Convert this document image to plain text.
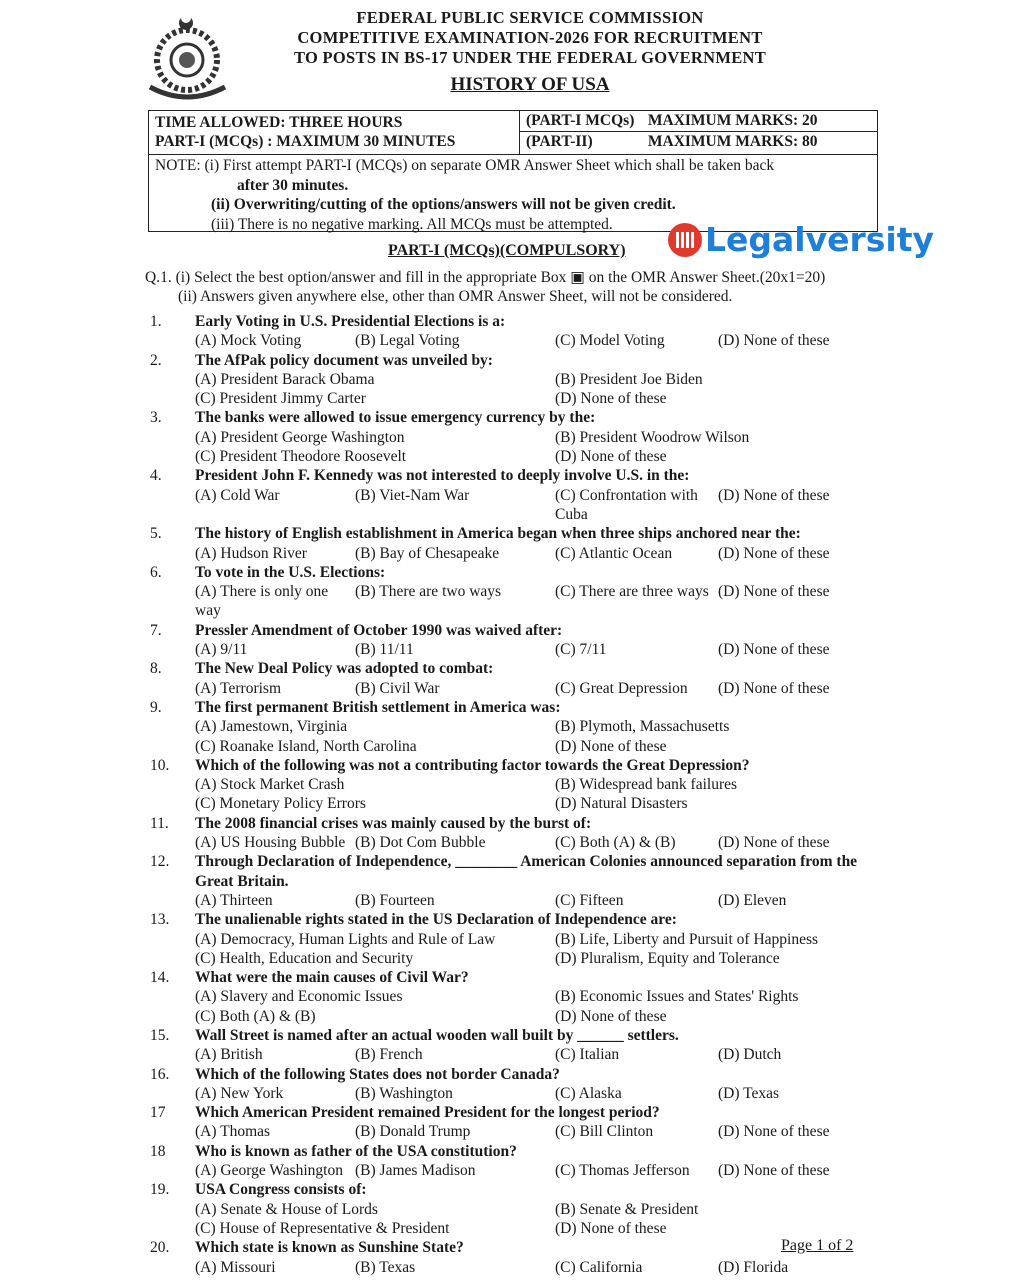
FEDERAL PUBLIC SERVICE COMMISSION
COMPETITIVE EXAMINATION-2026 FOR RECRUITMENT
TO POSTS IN BS-17 UNDER THE FEDERAL GOVERNMENT
HISTORY OF USA
TIME ALLOWED: THREE HOURS
PART-I (MCQs) : MAXIMUM 30 MINUTES
(PART-I MCQs) MAXIMUM MARKS: 20
(PART-II)	MAXIMUM MARKS: 80
NOTE: (i) First attempt PART-I (MCQs) on separate OMR Answer Sheet which shall be taken back
after 30 minutes.
(ii) Overwriting/cutting of the options/answers will not be given credit.
(iii) There is no negative marking. All MCQs must be attempted.	Legalversity
PART-I (MCQs)(COMPULSORY)
Q.1. (i) Select the best option/answer and fill in the appropriate Box ▣ on the OMR Answer Sheet.(20x1=20)
(ii) Answers given anywhere else, other than OMR Answer Sheet, will not be considered.
1.	Early Voting in U.S. Presidential Elections is a:
(A) Mock Voting	(B) Legal Voting	(C) Model Voting	(D) None of these
2.	The AfPak policy document was unveiled by:
(A) President Barack Obama	(B) President Joe Biden
(C) President Jimmy Carter	(D) None of these
3.	The banks were allowed to issue emergency currency by the:
(A) President George Washington	(B) President Woodrow Wilson
(C) President Theodore Roosevelt	(D) None of these
4.	President John F. Kennedy was not interested to deeply involve U.S. in the:
(A) Cold War	(B) Viet-Nam War	(C) Confrontation with Cuba
(D) None of these
5.	The history of English establishment in America began when three ships anchored near the:
(A) Hudson River	(B) Bay of Chesapeake	(C) Atlantic Ocean	(D) None of these
6.	To vote in the U.S. Elections:
(A) There is only one way
(B) There are two ways	(C) There are three ways (D) None of these
7.	Pressler Amendment of October 1990 was waived after:
(A) 9/11	(B) 11/11	(C) 7/11	(D) None of these
8.	The New Deal Policy was adopted to combat:
(A) Terrorism	(B) Civil War	(C) Great Depression	(D) None of these
9.	The first permanent British settlement in America was:
(A) Jamestown, Virginia	(B) Plymoth, Massachusetts
(C) Roanake Island, North Carolina	(D) None of these
10.	Which of the following was not a contributing factor towards the Great Depression?
(A) Stock Market Crash	(B) Widespread bank failures
(C) Monetary Policy Errors	(D) Natural Disasters
11.	The 2008 financial crises was mainly caused by the burst of:
(A) US Housing Bubble (B) Dot Com Bubble	(C) Both (A) & (B)	(D) None of these
12.	Through Declaration of Independence, ________ American Colonies announced separation from the Great Britain.
(A) Thirteen	(B) Fourteen	(C) Fifteen	(D) Eleven
13.	The unalienable rights stated in the US Declaration of Independence are:
(A) Democracy, Human Lights and Rule of Law	(B) Life, Liberty and Pursuit of Happiness
(C) Health, Education and Security	(D) Pluralism, Equity and Tolerance
14.	What were the main causes of Civil War?
(A) Slavery and Economic Issues	(B) Economic Issues and States' Rights
(C) Both (A) & (B)	(D) None of these
15.	Wall Street is named after an actual wooden wall built by ______ settlers.
(A) British	(B) French	(C) Italian	(D) Dutch
16.	Which of the following States does not border Canada?
(A) New York	(B) Washington	(C) Alaska	(D) Texas
17	Which American President remained President for the longest period?
(A) Thomas	(B) Donald Trump	(C) Bill Clinton	(D) None of these
18	Who is known as father of the USA constitution?
(A) George Washington (B) James Madison	(C) Thomas Jefferson	(D) None of these
19.	USA Congress consists of:
(A) Senate & House of Lords	(B) Senate & President
(C) House of Representative & President	(D) None of these
20.	Which state is known as Sunshine State?
(A) Missouri	(B) Texas	(C) California	(D) Florida
Page 1 of 2
